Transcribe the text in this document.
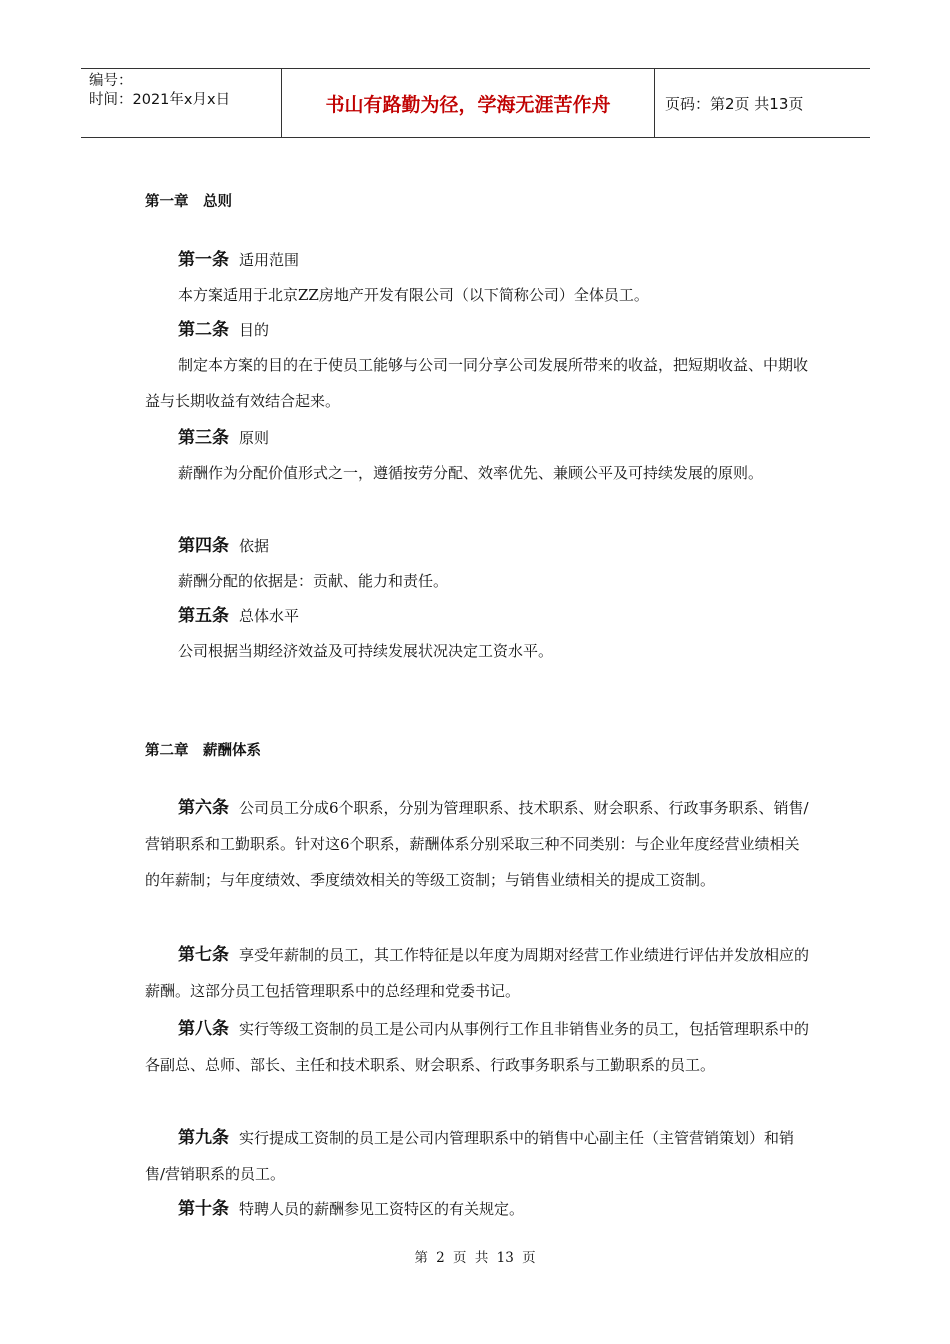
编号：
时间：2021年x月x日	书山有路勤为径，学海无涯苦作舟	页码：第2页 共13页
第一章　总则
第一条 适用范围
本方案适用于北京ZZ房地产开发有限公司（以下简称公司）全体员工。
第二条 目的
制定本方案的目的在于使员工能够与公司一同分享公司发展所带来的收益，把短期收益、中期收益与长期收益有效结合起来。
第三条 原则
薪酬作为分配价值形式之一，遵循按劳分配、效率优先、兼顾公平及可持续发展的原则。
第四条 依据
薪酬分配的依据是：贡献、能力和责任。
第五条 总体水平
公司根据当期经济效益及可持续发展状况决定工资水平。
第二章　薪酬体系
第六条 公司员工分成6个职系，分别为管理职系、技术职系、财会职系、行政事务职系、销售/营销职系和工勤职系。针对这6个职系，薪酬体系分别采取三种不同类别：与企业年度经营业绩相关的年薪制；与年度绩效、季度绩效相关的等级工资制；与销售业绩相关的提成工资制。
第七条 享受年薪制的员工，其工作特征是以年度为周期对经营工作业绩进行评估并发放相应的薪酬。这部分员工包括管理职系中的总经理和党委书记。
第八条 实行等级工资制的员工是公司内从事例行工作且非销售业务的员工，包括管理职系中的各副总、总师、部长、主任和技术职系、财会职系、行政事务职系与工勤职系的员工。
第九条 实行提成工资制的员工是公司内管理职系中的销售中心副主任（主管营销策划）和销售/营销职系的员工。
第十条 特聘人员的薪酬参见工资特区的有关规定。
第 2 页 共 13 页
